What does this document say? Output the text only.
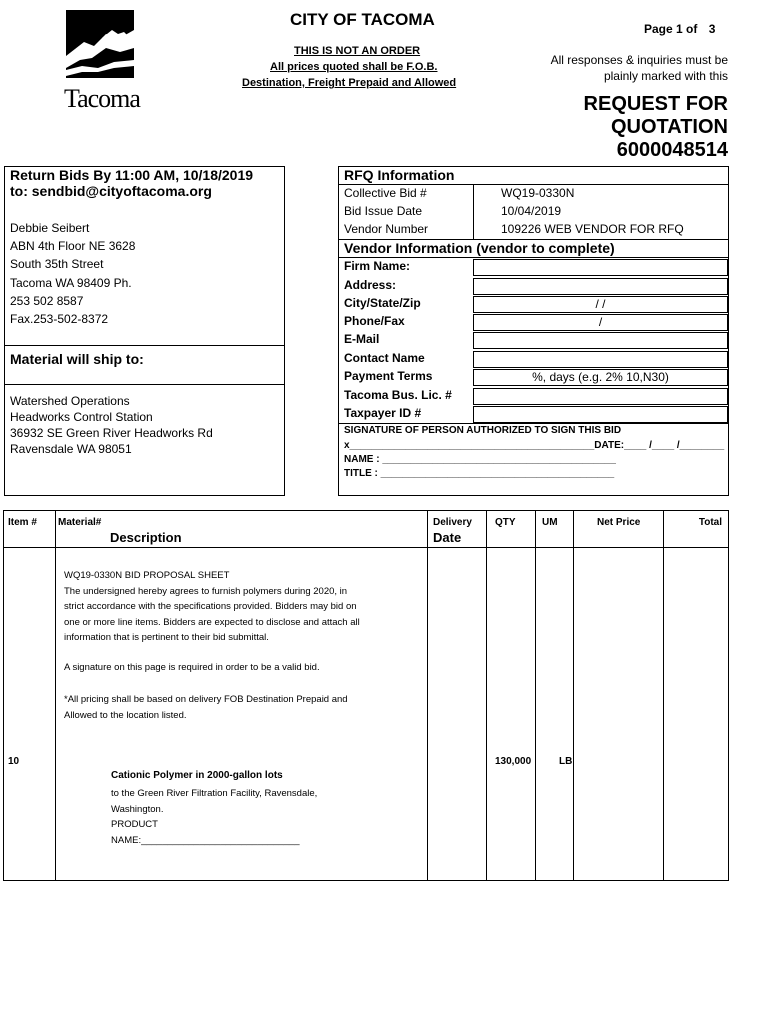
Tacoma
CITY OF TACOMA
THIS IS NOT AN ORDER
All prices quoted shall be F.O.B.
Destination, Freight Prepaid and Allowed
Page 1 of 3
All responses & inquiries must be
plainly marked with this
REQUEST FOR
QUOTATION
6000048514
Return Bids By 11:00 AM, 10/18/2019
to: sendbid@cityoftacoma.org
Debbie Seibert
ABN 4th Floor NE 3628
South 35th Street
Tacoma WA 98409 Ph.
253 502 8587
Fax.253-502-8372
Material will ship to:
Watershed Operations
Headworks Control Station
36932 SE Green River Headworks Rd
Ravensdale WA 98051
RFQ Information
Collective Bid #	WQ19-0330N
Bid Issue Date	10/04/2019
Vendor Number	109226 WEB VENDOR FOR RFQ
Vendor Information (vendor to complete)
Firm Name:
Address:
City/State/Zip	/ /
Phone/Fax	/
E-Mail
Contact Name
Payment Terms	%, days (e.g. 2% 10,N30)
Tacoma Bus. Lic. #
Taxpayer ID #
SIGNATURE OF PERSON AUTHORIZED TO SIGN THIS BID
x____________________________________________DATE:____ /____ /________
NAME : __________________________________________
TITLE : __________________________________________
Item # Material#
Description
Delivery
Date
QTY	UM	Net Price	Total
WQ19-0330N BID PROPOSAL SHEET
The undersigned hereby agrees to furnish polymers during 2020, in
strict accordance with the specifications provided. Bidders may bid on
one or more line items. Bidders are expected to disclose and attach all
information that is pertinent to their bid submittal.
A signature on this page is required in order to be a valid bid.
*All pricing shall be based on delivery FOB Destination Prepaid and
Allowed to the location listed.
10	130,000	LB
Cationic Polymer in 2000-gallon lots
to the Green River Filtration Facility, Ravensdale,
Washington.
PRODUCT
NAME:______________________________
